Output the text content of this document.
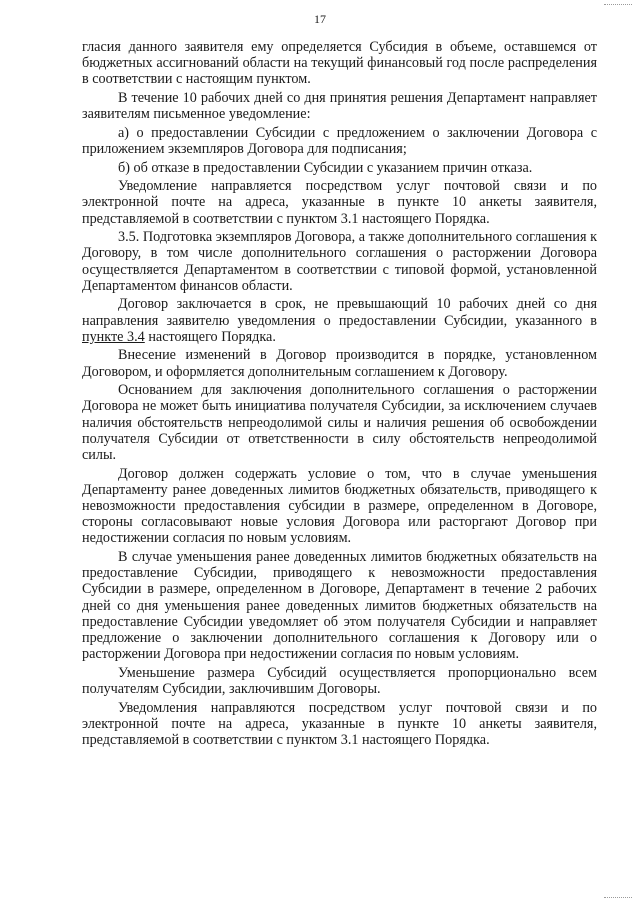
17

гласия данного заявителя ему определяется Субсидия в объеме, оставшемся от бюджетных ассигнований области на текущий финансовый год после распределения в соответствии с настоящим пунктом.

В течение 10 рабочих дней со дня принятия решения Департамент направляет заявителям письменное уведомление:

а) о предоставлении Субсидии с предложением о заключении Договора с приложением экземпляров Договора для подписания;

б) об отказе в предоставлении Субсидии с указанием причин отказа.

Уведомление направляется посредством услуг почтовой связи и по электронной почте на адреса, указанные в пункте 10 анкеты заявителя, представляемой в соответствии с пунктом 3.1 настоящего Порядка.

3.5. Подготовка экземпляров Договора, а также дополнительного соглашения к Договору, в том числе дополнительного соглашения о расторжении Договора осуществляется Департаментом в соответствии с типовой формой, установленной Департаментом финансов области.

Договор заключается в срок, не превышающий 10 рабочих дней со дня направления заявителю уведомления о предоставлении Субсидии, указанного в пункте 3.4 настоящего Порядка.

Внесение изменений в Договор производится в порядке, установленном Договором, и оформляется дополнительным соглашением к Договору.

Основанием для заключения дополнительного соглашения о расторжении Договора не может быть инициатива получателя Субсидии, за исключением случаев наличия обстоятельств непреодолимой силы и наличия решения об освобождении получателя Субсидии от ответственности в силу обстоятельств непреодолимой силы.

Договор должен содержать условие о том, что в случае уменьшения Департаменту ранее доведенных лимитов бюджетных обязательств, приводящего к невозможности предоставления субсидии в размере, определенном в Договоре, стороны согласовывают новые условия Договора или расторгают Договор при недостижении согласия по новым условиям.

В случае уменьшения ранее доведенных лимитов бюджетных обязательств на предоставление Субсидии, приводящего к невозможности предоставления Субсидии в размере, определенном в Договоре, Департамент в течение 2 рабочих дней со дня уменьшения ранее доведенных лимитов бюджетных обязательств на предоставление Субсидии уведомляет об этом получателя Субсидии и направляет предложение о заключении дополнительного соглашения к Договору или о расторжении Договора при недостижении согласия по новым условиям.

Уменьшение размера Субсидий осуществляется пропорционально всем получателям Субсидии, заключившим Договоры.

Уведомления направляются посредством услуг почтовой связи и по электронной почте на адреса, указанные в пункте 10 анкеты заявителя, представляемой в соответствии с пунктом 3.1 настоящего Порядка.
